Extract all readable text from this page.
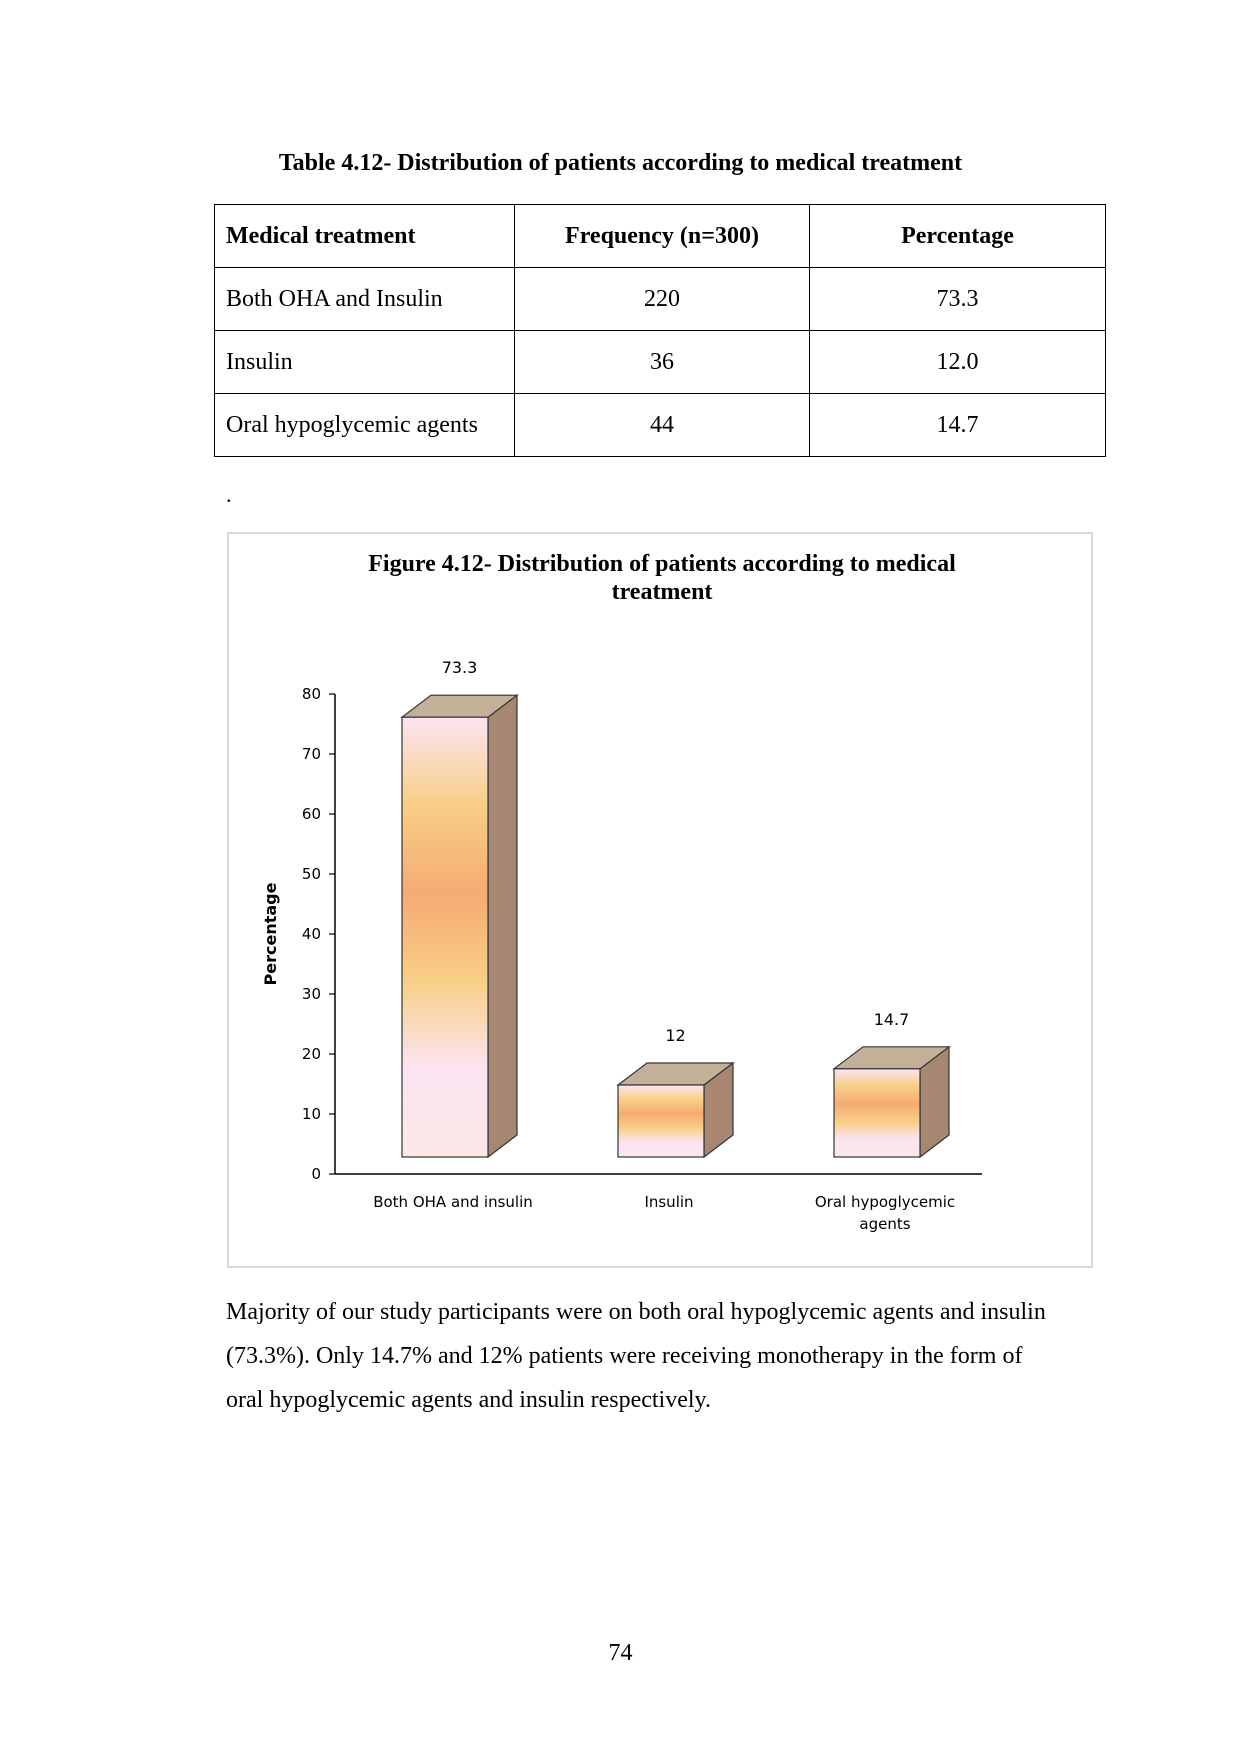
Table 4.12- Distribution of patients according to medical treatment
Medical treatment	Frequency (n=300)	Percentage
Both OHA and Insulin	220	73.3
Insulin	36	12.0
Oral hypoglycemic agents	44	14.7
.
Figure 4.12- Distribution of patients according to medical
treatment
0
10
20
30
40
50
60
70
80
Percentage
73.3
12
14.7
Both OHA and insulin	Insulin	Oral hypoglycemic
agents
Majority of our study participants were on both oral hypoglycemic agents and insulin
(73.3%). Only 14.7% and 12% patients were receiving monotherapy in the form of
oral hypoglycemic agents and insulin respectively.
74
